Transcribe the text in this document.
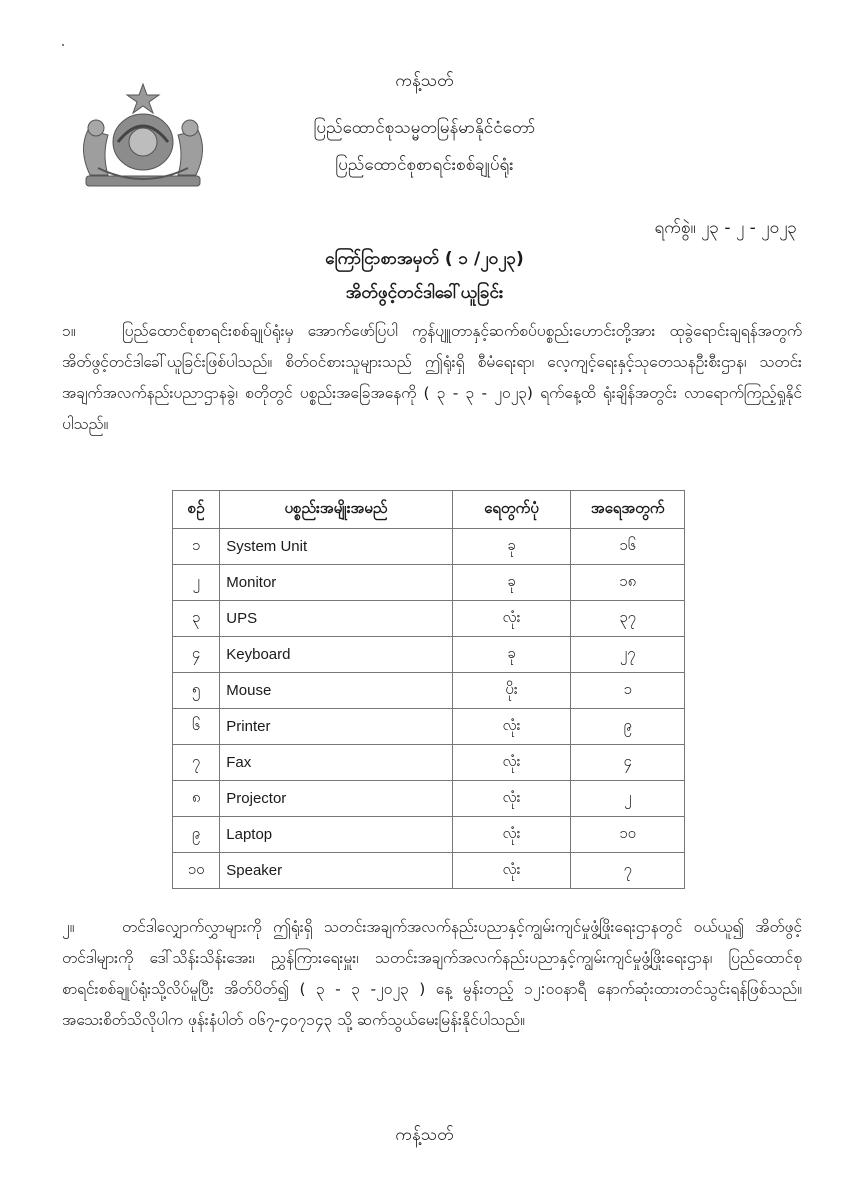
ကန့်သတ်
ပြည်ထောင်စုသမ္မတမြန်မာနိုင်ငံတော်
ပြည်ထောင်စုစာရင်းစစ်ချုပ်ရုံး
ရက်စွဲ။ ၂၃ - ၂ - ၂၀၂၃
ကြော်ငြာစာအမှတ် ( ၁ /၂၀၂၃)
အိတ်ဖွင့်တင်ဒါခေါ်ယူခြင်း
၁။	ပြည်ထောင်စုစာရင်းစစ်ချုပ်ရုံးမှ အောက်ဖော်ပြပါ ကွန်ပျူတာနှင့်ဆက်စပ်ပစ္စည်းဟောင်းတို့အား ထုခွဲရောင်းချရန်အတွက် အိတ်ဖွင့်တင်ဒါခေါ်ယူခြင်းဖြစ်ပါသည်။ စိတ်ဝင်စားသူများသည် ဤရုံးရှိ စီမံရေးရာ၊ လေ့ကျင့်ရေးနှင့်သုတေသနဦးစီးဌာန၊ သတင်းအချက်အလက်နည်းပညာဌာနခွဲ၊ စတိုတွင် ပစ္စည်းအခြေအနေကို ( ၃ - ၃ - ၂၀၂၃) ရက်နေ့ထိ ရုံးချိန်အတွင်း လာရောက်ကြည့်ရှုနိုင်ပါသည်။
စဉ်	ပစ္စည်းအမျိုးအမည်	ရေတွက်ပုံ	အရေအတွက်
၁	System Unit	ခု	၁၆
၂	Monitor	ခု	၁၈
၃	UPS	လုံး	၃၇
၄	Keyboard	ခု	၂၇
၅	Mouse	ပိုး	၁
၆	Printer	လုံး	၉
၇	Fax	လုံး	၄
၈	Projector	လုံး	၂
၉	Laptop	လုံး	၁၀
၁၀	Speaker	လုံး	၇
၂။	တင်ဒါလျှောက်လွှာများကို ဤရုံးရှိ သတင်းအချက်အလက်နည်းပညာနှင့်ကျွမ်းကျင်မှုဖွံ့ဖြိုးရေးဌာနတွင် ဝယ်ယူ၍ အိတ်ဖွင့်တင်ဒါများကို ဒေါ်သိန်းသိန်းအေး၊ ညွှန်ကြားရေးမှူး၊ သတင်းအချက်အလက်နည်းပညာနှင့်ကျွမ်းကျင်မှုဖွံ့ဖြိုးရေးဌာန၊ ပြည်ထောင်စုစာရင်းစစ်ချုပ်ရုံးသို့လိပ်မူပြီး အိတ်ပိတ်၍ ( ၃ - ၃ -၂၀၂၃ ) နေ့ မွန်းတည့် ၁၂:၀၀နာရီ နောက်ဆုံးထားတင်သွင်းရန်ဖြစ်သည်။ အသေးစိတ်သိလိုပါက ဖုန်းနံပါတ် ၀၆၇-၄၀၇၁၄၃ သို့ ဆက်သွယ်မေးမြန်းနိုင်ပါသည်။
ကန့်သတ်
